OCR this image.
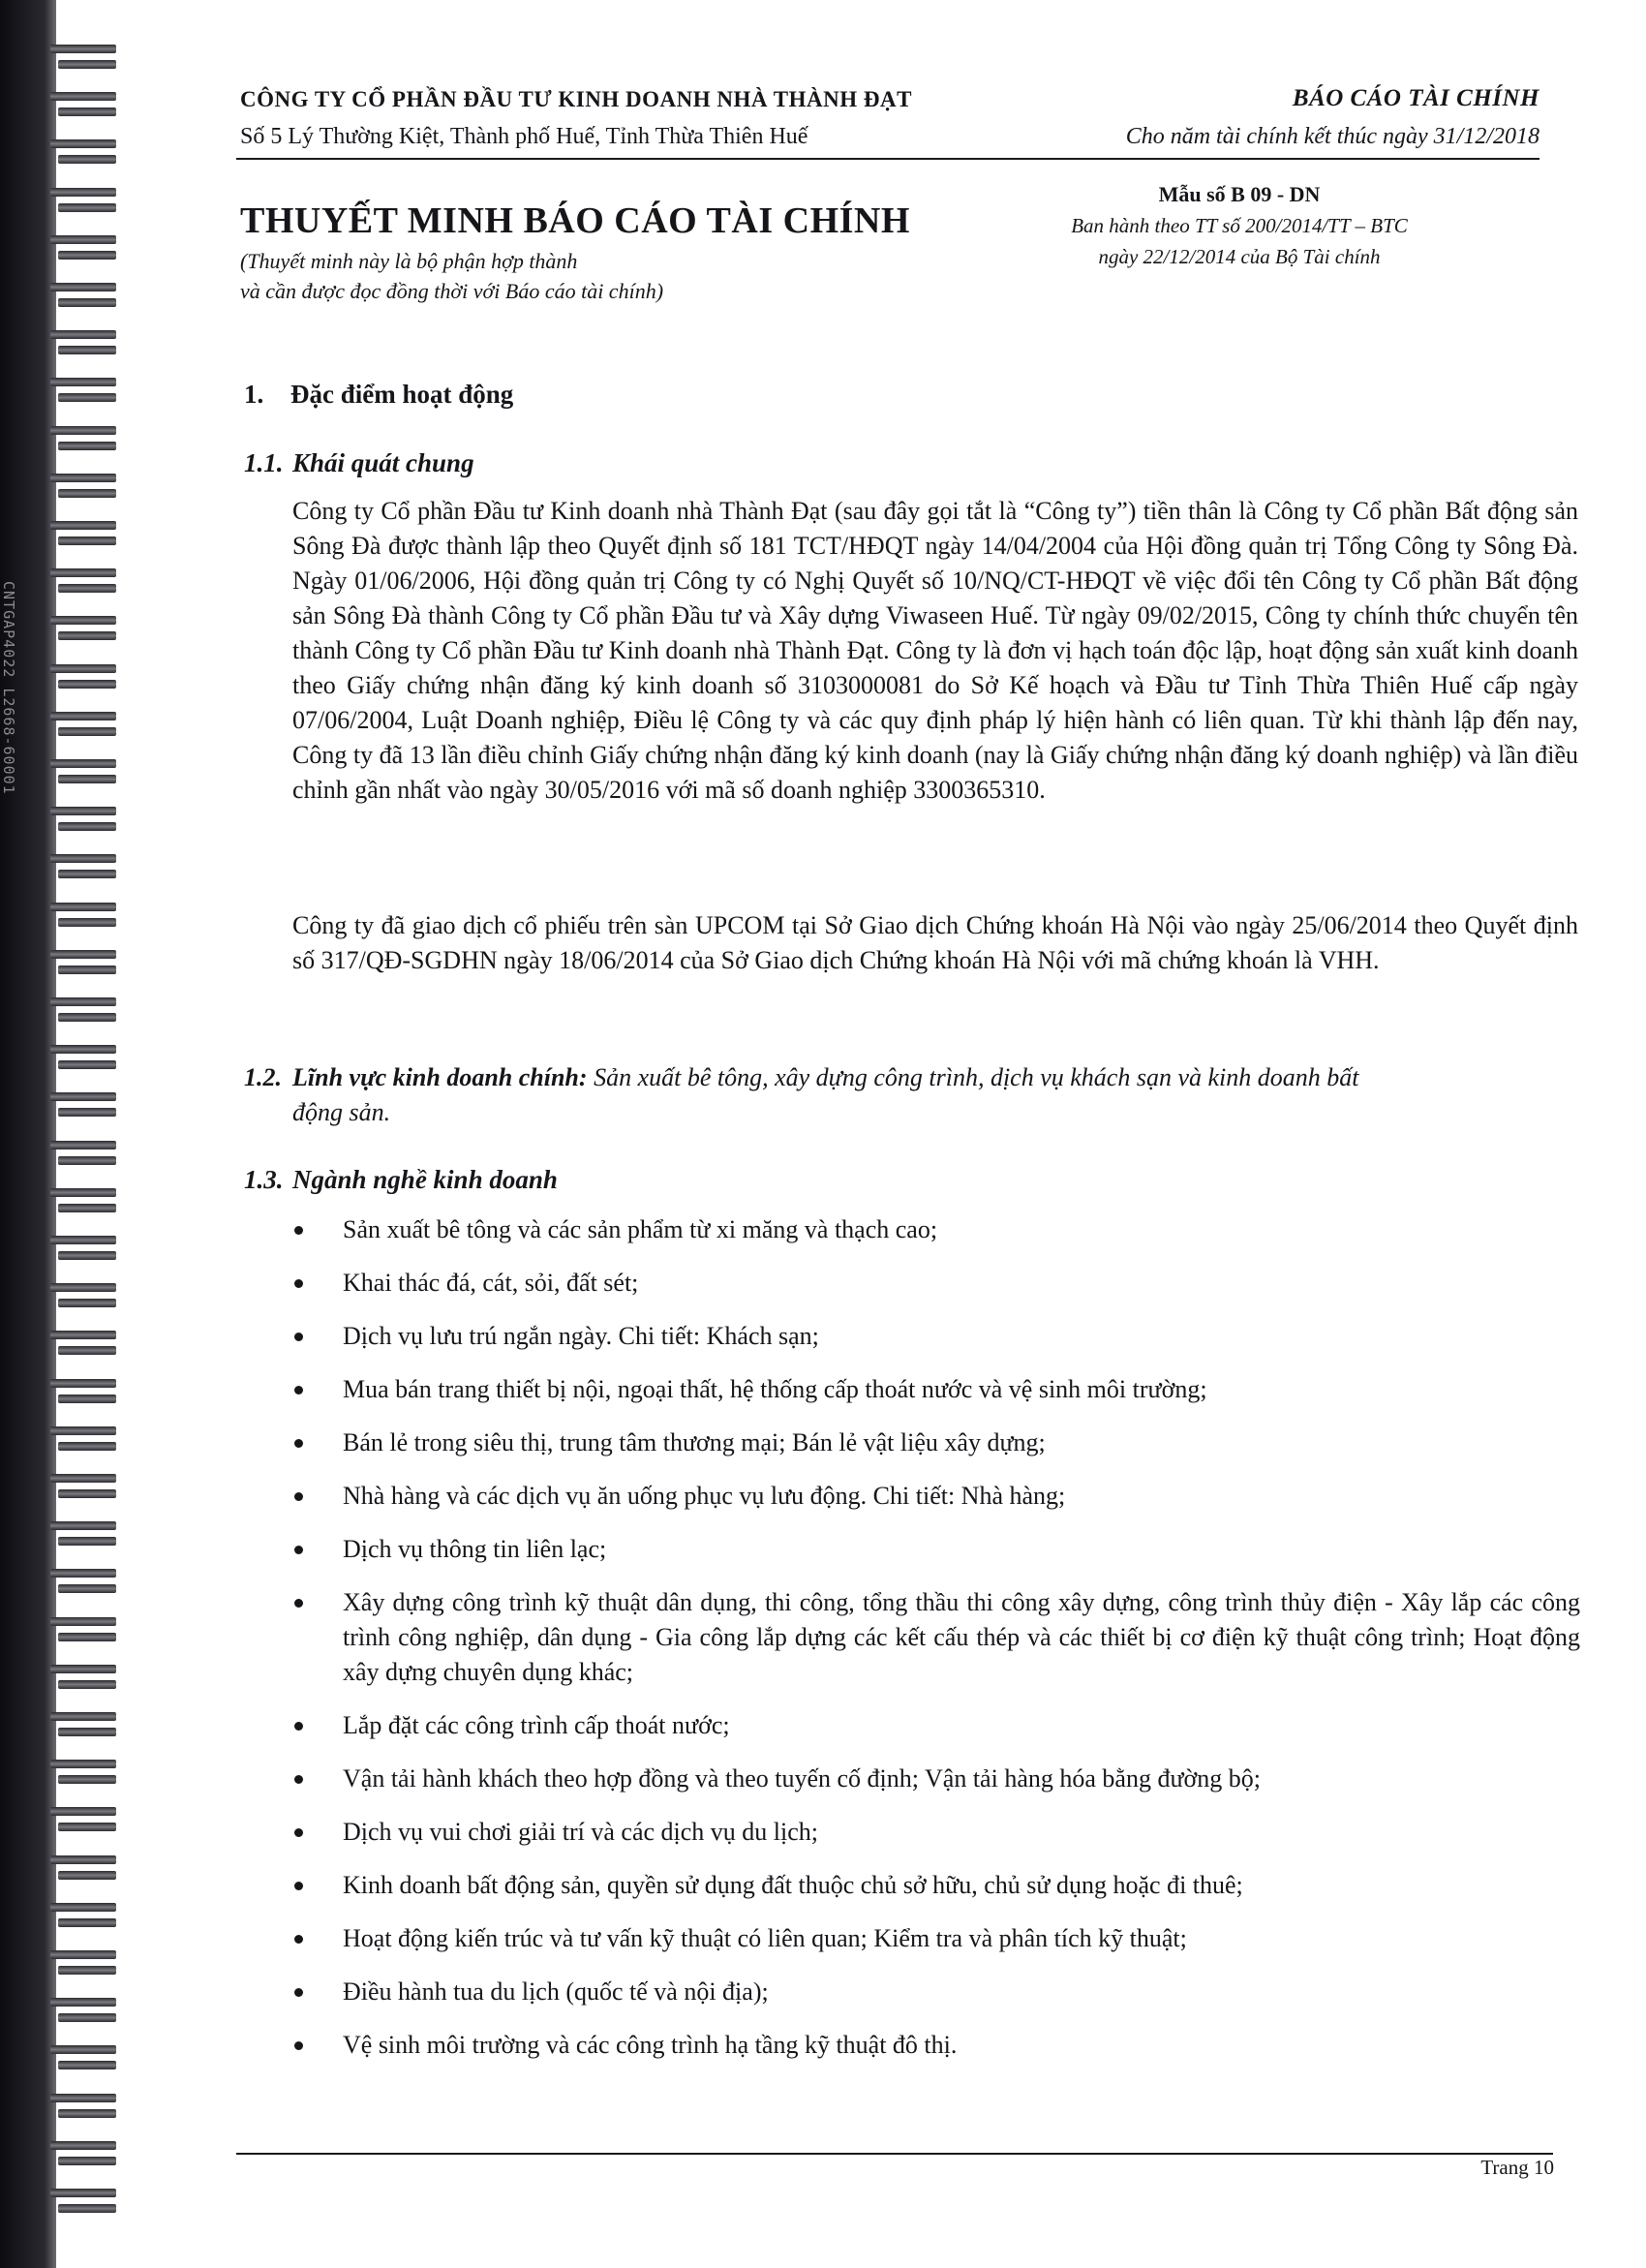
CNTGAP4022 L2668-60001
CÔNG TY CỔ PHẦN ĐẦU TƯ KINH DOANH NHÀ THÀNH ĐẠT
Số 5 Lý Thường Kiệt, Thành phố Huế, Tỉnh Thừa Thiên Huế
BÁO CÁO TÀI CHÍNH
Cho năm tài chính kết thúc ngày 31/12/2018
THUYẾT MINH BÁO CÁO TÀI CHÍNH
(Thuyết minh này là bộ phận hợp thành
và cần được đọc đồng thời với Báo cáo tài chính)
Mẫu số B 09 - DN
Ban hành theo TT số 200/2014/TT – BTC
ngày 22/12/2014 của Bộ Tài chính
1. Đặc điểm hoạt động
1.1. Khái quát chung
Công ty Cổ phần Đầu tư Kinh doanh nhà Thành Đạt (sau đây gọi tắt là “Công ty”) tiền thân là Công ty Cổ phần Bất động sản Sông Đà được thành lập theo Quyết định số 181 TCT/HĐQT ngày 14/04/2004 của Hội đồng quản trị Tổng Công ty Sông Đà. Ngày 01/06/2006, Hội đồng quản trị Công ty có Nghị Quyết số 10/NQ/CT-HĐQT về việc đổi tên Công ty Cổ phần Bất động sản Sông Đà thành Công ty Cổ phần Đầu tư và Xây dựng Viwaseen Huế. Từ ngày 09/02/2015, Công ty chính thức chuyển tên thành Công ty Cổ phần Đầu tư Kinh doanh nhà Thành Đạt. Công ty là đơn vị hạch toán độc lập, hoạt động sản xuất kinh doanh theo Giấy chứng nhận đăng ký kinh doanh số 3103000081 do Sở Kế hoạch và Đầu tư Tỉnh Thừa Thiên Huế cấp ngày 07/06/2004, Luật Doanh nghiệp, Điều lệ Công ty và các quy định pháp lý hiện hành có liên quan. Từ khi thành lập đến nay, Công ty đã 13 lần điều chỉnh Giấy chứng nhận đăng ký kinh doanh (nay là Giấy chứng nhận đăng ký doanh nghiệp) và lần điều chỉnh gần nhất vào ngày 30/05/2016 với mã số doanh nghiệp 3300365310.
Công ty đã giao dịch cổ phiếu trên sàn UPCOM tại Sở Giao dịch Chứng khoán Hà Nội vào ngày 25/06/2014 theo Quyết định số 317/QĐ-SGDHN ngày 18/06/2014 của Sở Giao dịch Chứng khoán Hà Nội với mã chứng khoán là VHH.
1.2. Lĩnh vực kinh doanh chính: Sản xuất bê tông, xây dựng công trình, dịch vụ khách sạn và kinh doanh bất
động sản.
1.3. Ngành nghề kinh doanh
Sản xuất bê tông và các sản phẩm từ xi măng và thạch cao;
Khai thác đá, cát, sỏi, đất sét;
Dịch vụ lưu trú ngắn ngày. Chi tiết: Khách sạn;
Mua bán trang thiết bị nội, ngoại thất, hệ thống cấp thoát nước và vệ sinh môi trường;
Bán lẻ trong siêu thị, trung tâm thương mại; Bán lẻ vật liệu xây dựng;
Nhà hàng và các dịch vụ ăn uống phục vụ lưu động. Chi tiết: Nhà hàng;
Dịch vụ thông tin liên lạc;
Xây dựng công trình kỹ thuật dân dụng, thi công, tổng thầu thi công xây dựng, công trình thủy điện - Xây lắp các công trình công nghiệp, dân dụng - Gia công lắp dựng các kết cấu thép và các thiết bị cơ điện kỹ thuật công trình; Hoạt động xây dựng chuyên dụng khác;
Lắp đặt các công trình cấp thoát nước;
Vận tải hành khách theo hợp đồng và theo tuyến cố định; Vận tải hàng hóa bằng đường bộ;
Dịch vụ vui chơi giải trí và các dịch vụ du lịch;
Kinh doanh bất động sản, quyền sử dụng đất thuộc chủ sở hữu, chủ sử dụng hoặc đi thuê;
Hoạt động kiến trúc và tư vấn kỹ thuật có liên quan; Kiểm tra và phân tích kỹ thuật;
Điều hành tua du lịch (quốc tế và nội địa);
Vệ sinh môi trường và các công trình hạ tầng kỹ thuật đô thị.
Trang 10
